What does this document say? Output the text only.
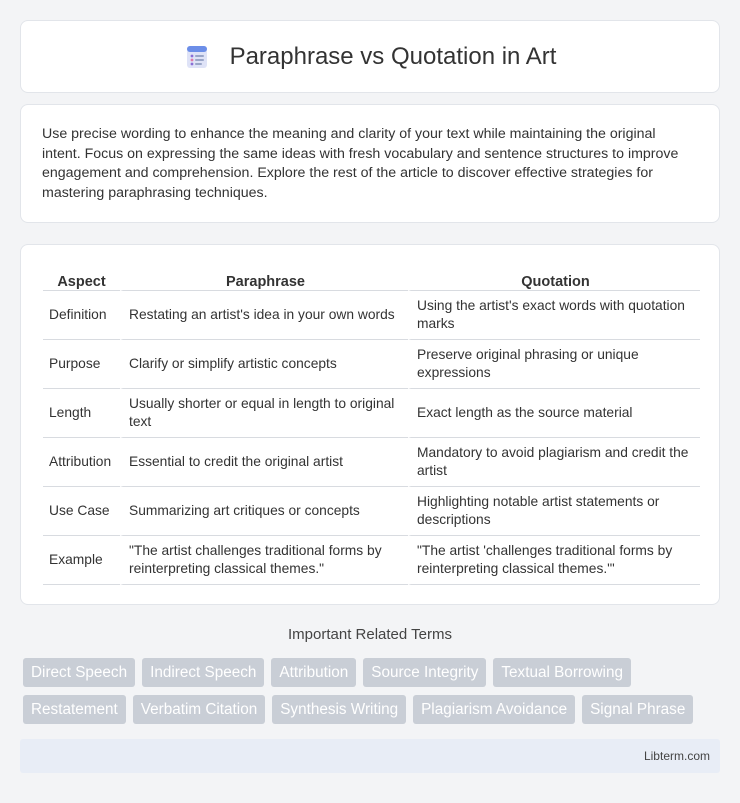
Paraphrase vs Quotation in Art

Use precise wording to enhance the meaning and clarity of your text while maintaining the original intent. Focus on expressing the same ideas with fresh vocabulary and sentence structures to improve engagement and comprehension. Explore the rest of the article to discover effective strategies for mastering paraphrasing techniques.

Aspect	Paraphrase	Quotation
Definition	Restating an artist's idea in your own words	Using the artist's exact words with quotation marks
Purpose	Clarify or simplify artistic concepts	Preserve original phrasing or unique expressions
Length	Usually shorter or equal in length to original text	Exact length as the source material
Attribution	Essential to credit the original artist	Mandatory to avoid plagiarism and credit the artist
Use Case	Summarizing art critiques or concepts	Highlighting notable artist statements or descriptions
Example	"The artist challenges traditional forms by reinterpreting classical themes."	"The artist 'challenges traditional forms by reinterpreting classical themes.'"
Important Related Terms
Direct Speech	Indirect Speech	Attribution	Source Integrity	Textual Borrowing
Restatement	Verbatim Citation	Synthesis Writing	Plagiarism Avoidance	Signal Phrase
Libterm.com
